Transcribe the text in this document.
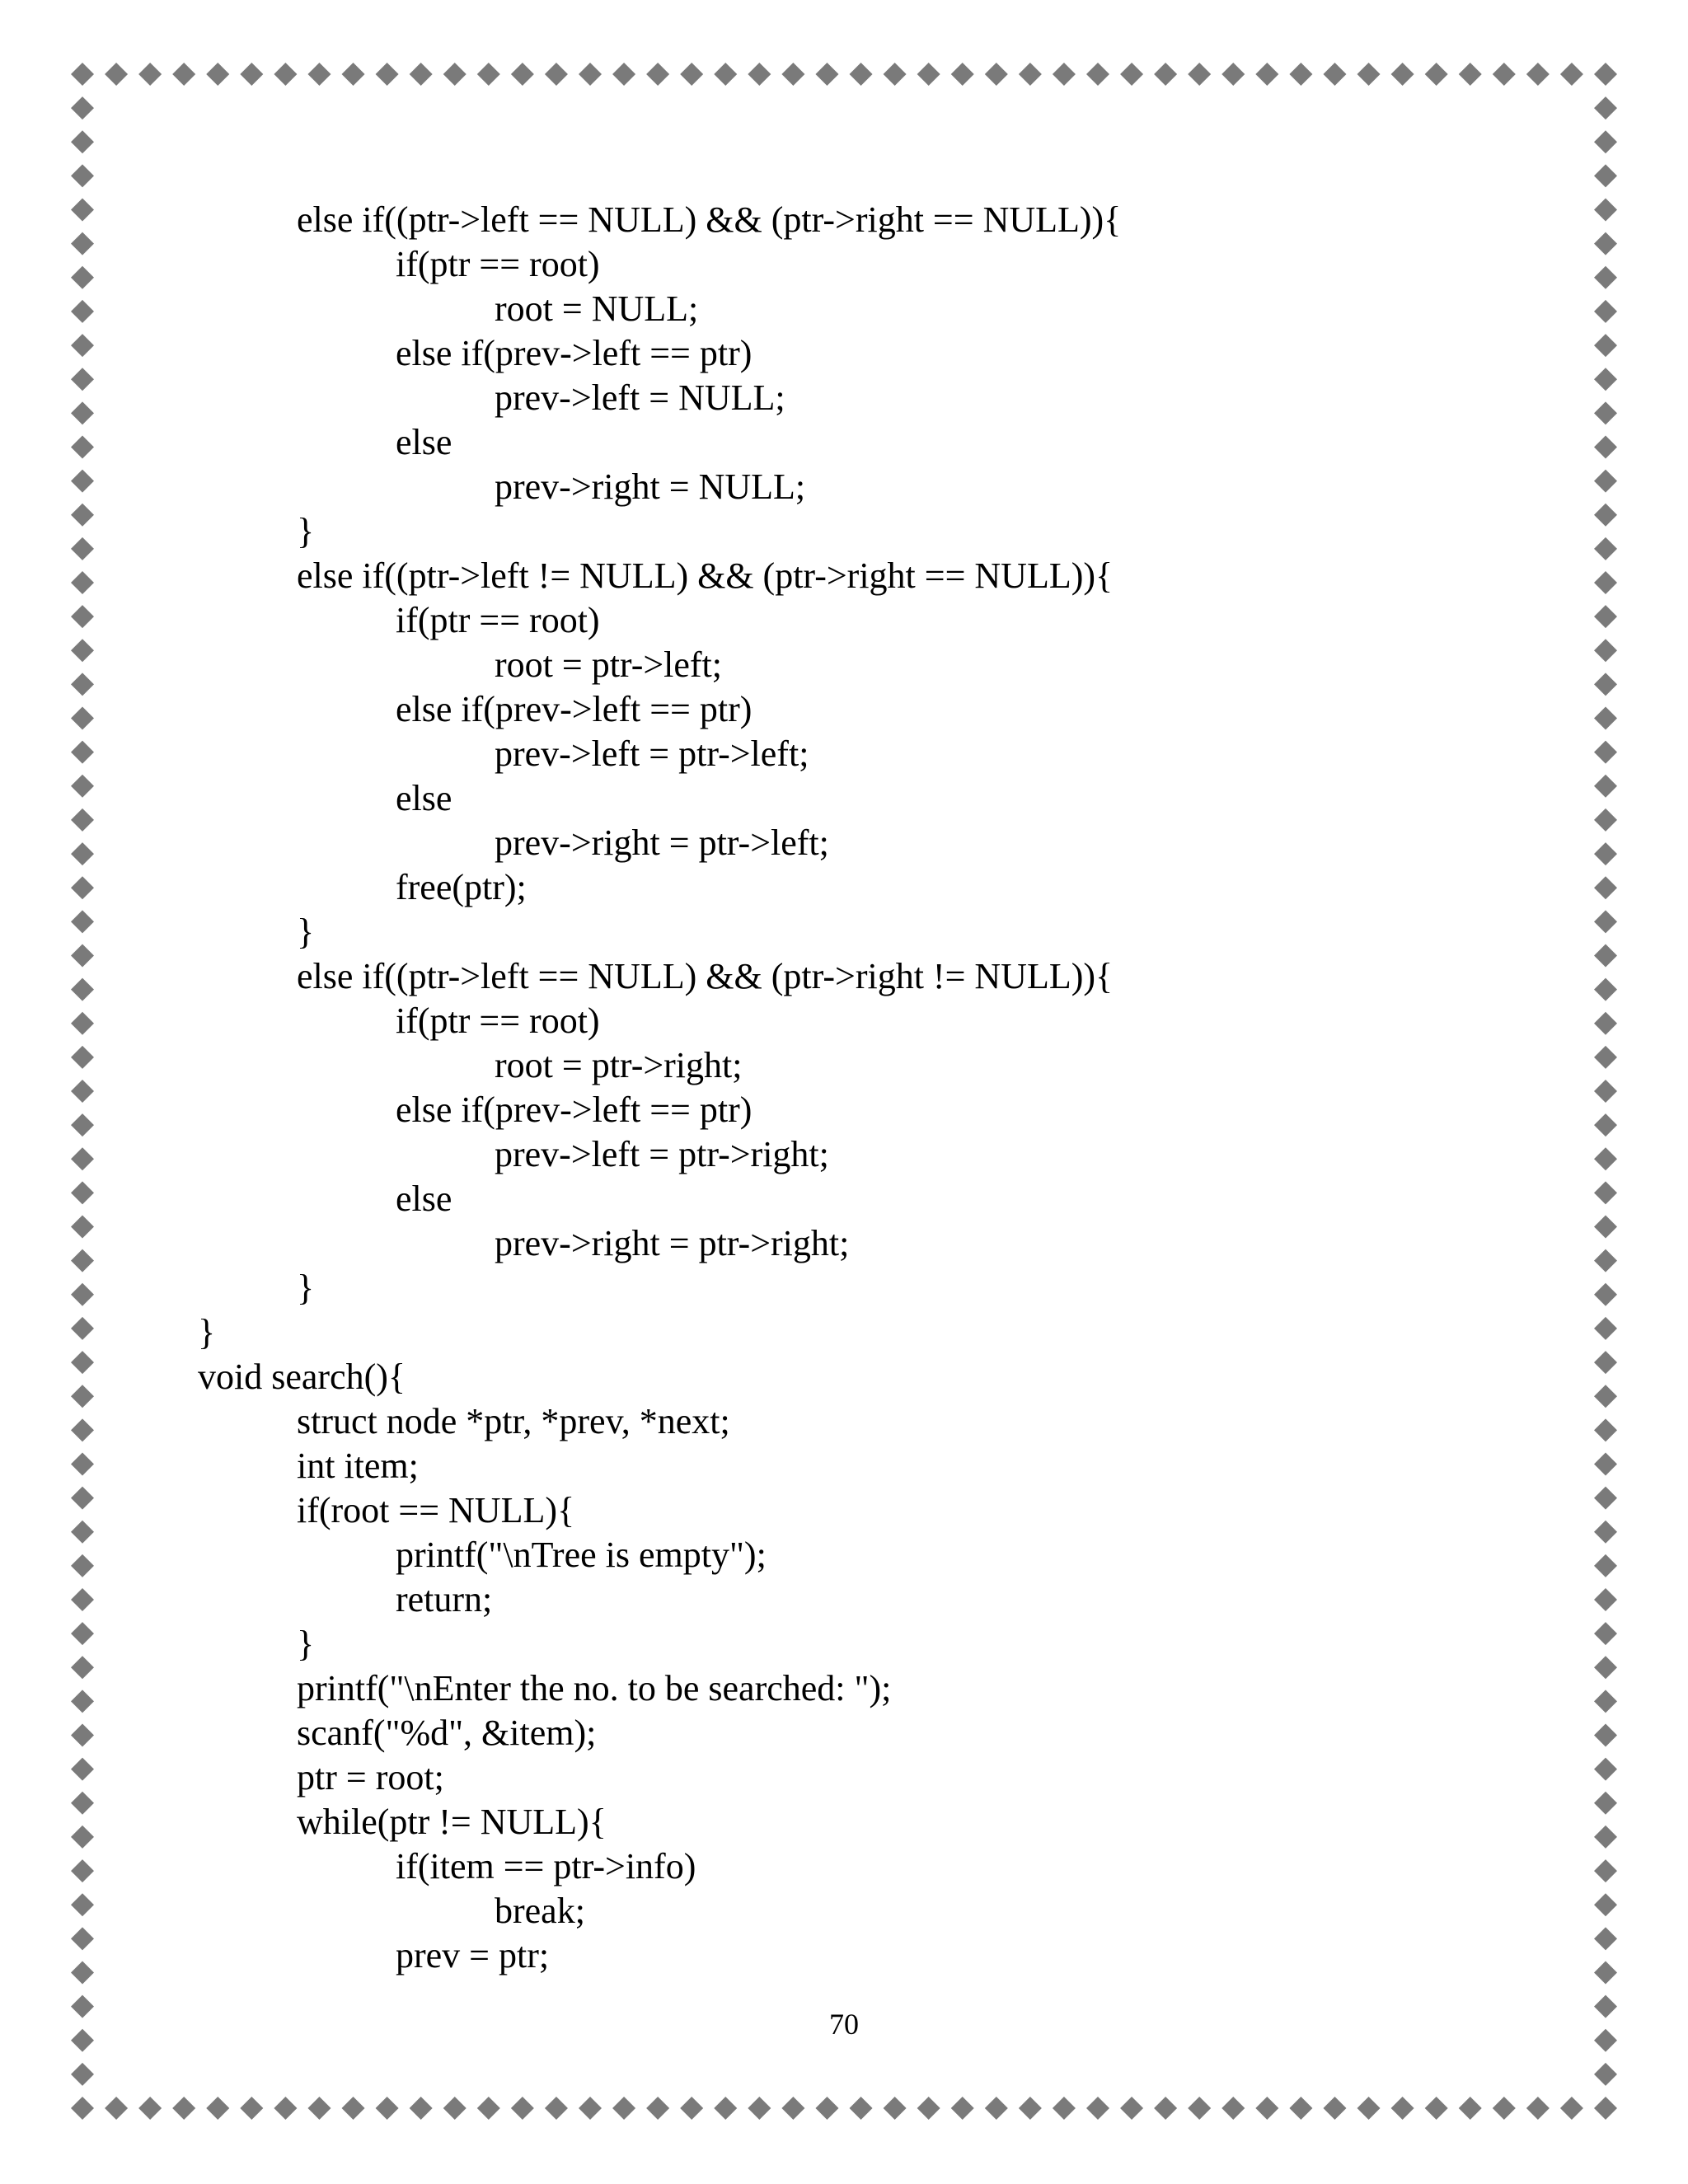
else if((ptr->left == NULL) && (ptr->right == NULL)){

if(ptr == root)

root = NULL;

else if(prev->left == ptr)

prev->left = NULL;

else

prev->right = NULL;

}

else if((ptr->left != NULL) && (ptr->right == NULL)){

if(ptr == root)

root = ptr->left;

else if(prev->left == ptr)

prev->left = ptr->left;

else

prev->right = ptr->left;

free(ptr);

}

else if((ptr->left == NULL) && (ptr->right != NULL)){

if(ptr == root)

root = ptr->right;

else if(prev->left == ptr)

prev->left = ptr->right;

else

prev->right = ptr->right;

}

}

void search(){

struct node *ptr, *prev, *next;

int item;

if(root == NULL){

printf("\nTree is empty");

return;

}

printf("\nEnter the no. to be searched: ");

scanf("%d", &item);

ptr = root;

while(ptr != NULL){

if(item == ptr->info)

break;

prev = ptr;

70
